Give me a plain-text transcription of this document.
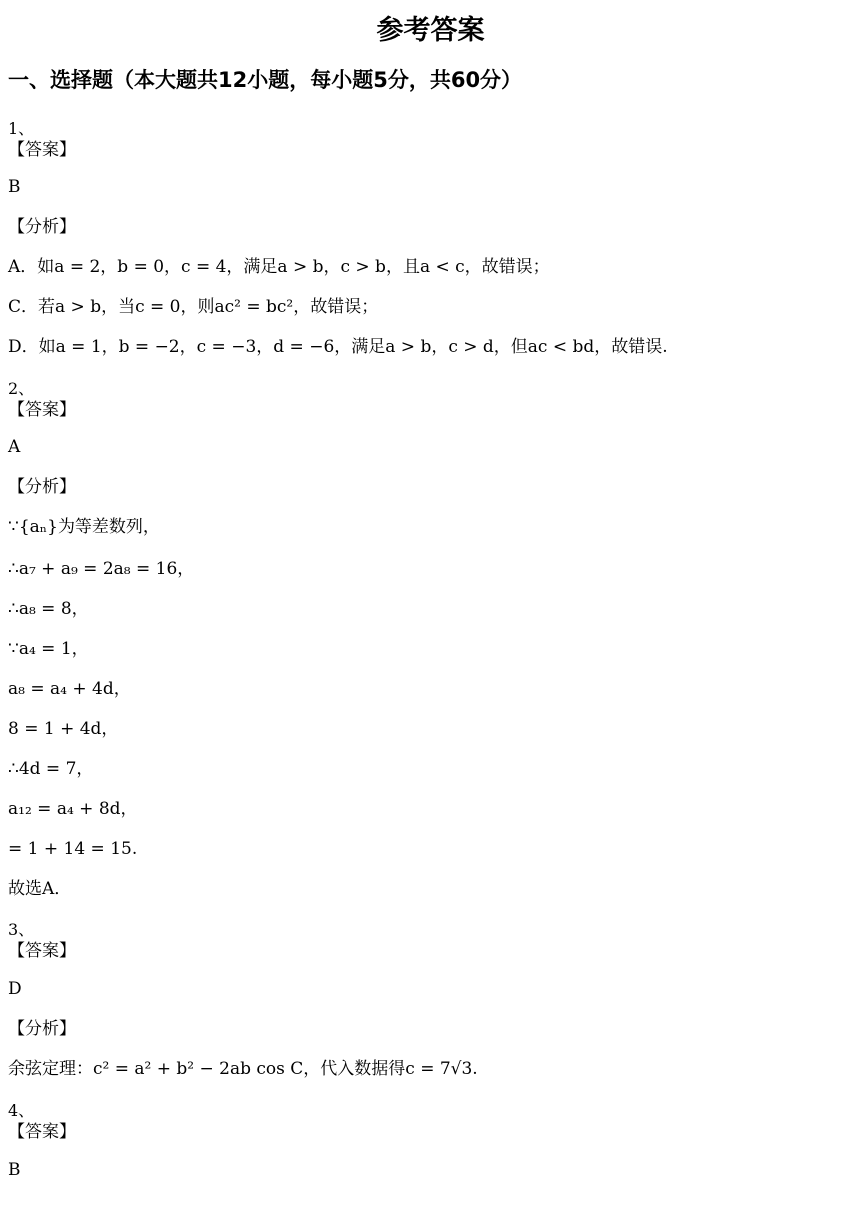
参考答案
一、选择题（本大题共12小题，每小题5分，共60分）
1、
【答案】
B
【分析】
A．如a = 2，b = 0，c = 4，满足a > b，c > b，且a < c，故错误；
C．若a > b，当c = 0，则ac² = bc²，故错误；
D．如a = 1，b = −2，c = −3，d = −6，满足a > b，c > d，但ac < bd，故错误.
2、
【答案】
A
【分析】
∵{aₙ}为等差数列，
∴a₇ + a₉ = 2a₈ = 16，
∴a₈ = 8，
∵a₄ = 1，
a₈ = a₄ + 4d，
8 = 1 + 4d，
∴4d = 7，
a₁₂ = a₄ + 8d，
= 1 + 14 = 15.
故选A．
3、
【答案】
D
【分析】
余弦定理：c² = a² + b² − 2ab cos C，代入数据得c = 7√3.
4、
【答案】
B
